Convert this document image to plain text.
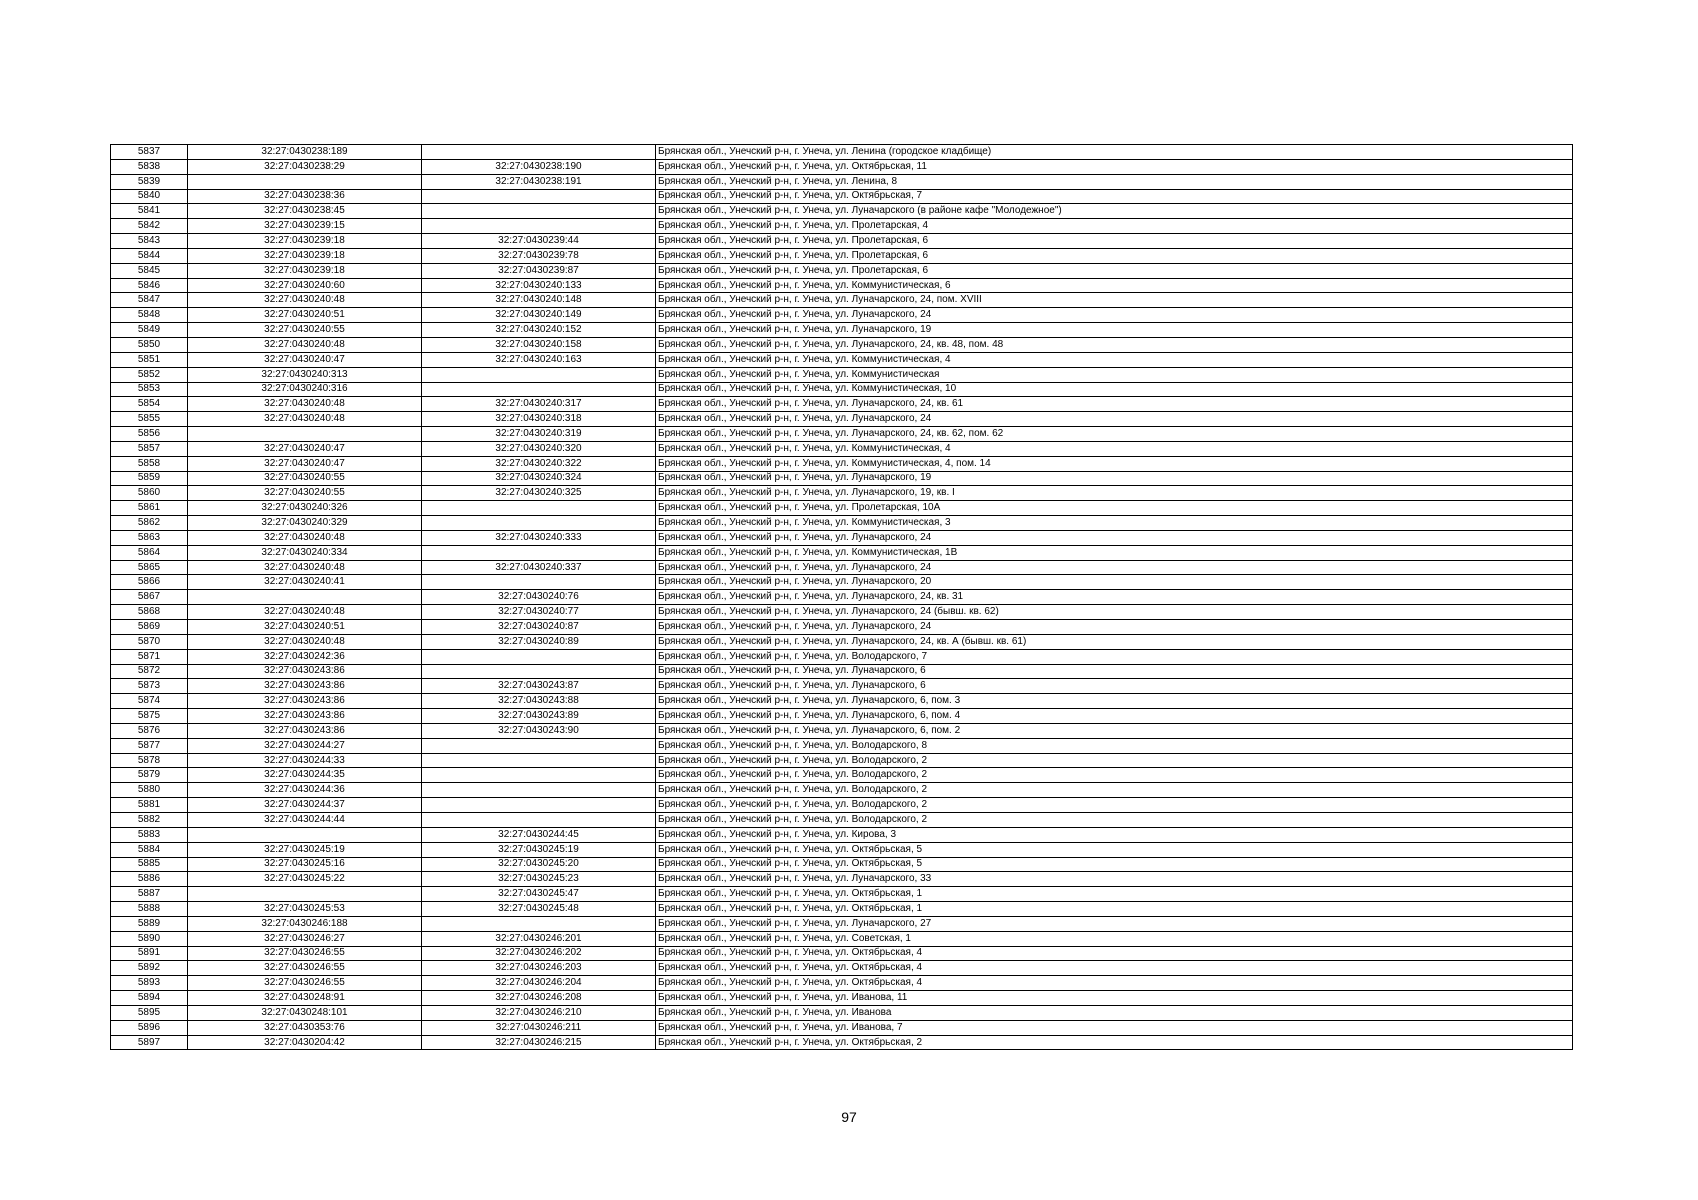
5837	32:27:0430238:189		Брянская обл., Унечский р-н, г. Унеча, ул. Ленина (городское кладбище)
5838	32:27:0430238:29	32:27:0430238:190	Брянская обл., Унечский р-н, г. Унеча, ул. Октябрьская, 11
5839		32:27:0430238:191	Брянская обл., Унечский р-н, г. Унеча, ул. Ленина, 8
5840	32:27:0430238:36		Брянская обл., Унечский р-н, г. Унеча, ул. Октябрьская, 7
5841	32:27:0430238:45		Брянская обл., Унечский р-н, г. Унеча, ул. Луначарского (в районе кафе "Молодежное")
5842	32:27:0430239:15		Брянская обл., Унечский р-н, г. Унеча, ул. Пролетарская, 4
5843	32:27:0430239:18	32:27:0430239:44	Брянская обл., Унечский р-н, г. Унеча, ул. Пролетарская, 6
5844	32:27:0430239:18	32:27:0430239:78	Брянская обл., Унечский р-н, г. Унеча, ул. Пролетарская, 6
5845	32:27:0430239:18	32:27:0430239:87	Брянская обл., Унечский р-н, г. Унеча, ул. Пролетарская, 6
5846	32:27:0430240:60	32:27:0430240:133	Брянская обл., Унечский р-н, г. Унеча, ул. Коммунистическая, 6
5847	32:27:0430240:48	32:27:0430240:148	Брянская обл., Унечский р-н, г. Унеча, ул. Луначарского, 24, пом. XVIII
5848	32:27:0430240:51	32:27:0430240:149	Брянская обл., Унечский р-н, г. Унеча, ул. Луначарского, 24
5849	32:27:0430240:55	32:27:0430240:152	Брянская обл., Унечский р-н, г. Унеча, ул. Луначарского, 19
5850	32:27:0430240:48	32:27:0430240:158	Брянская обл., Унечский р-н, г. Унеча, ул. Луначарского, 24, кв. 48, пом. 48
5851	32:27:0430240:47	32:27:0430240:163	Брянская обл., Унечский р-н, г. Унеча, ул. Коммунистическая, 4
5852	32:27:0430240:313		Брянская обл., Унечский р-н, г. Унеча, ул. Коммунистическая
5853	32:27:0430240:316		Брянская обл., Унечский р-н, г. Унеча, ул. Коммунистическая, 10
5854	32:27:0430240:48	32:27:0430240:317	Брянская обл., Унечский р-н, г. Унеча, ул. Луначарского, 24, кв. 61
5855	32:27:0430240:48	32:27:0430240:318	Брянская обл., Унечский р-н, г. Унеча, ул. Луначарского, 24
5856		32:27:0430240:319	Брянская обл., Унечский р-н, г. Унеча, ул. Луначарского, 24, кв. 62, пом. 62
5857	32:27:0430240:47	32:27:0430240:320	Брянская обл., Унечский р-н, г. Унеча, ул. Коммунистическая, 4
5858	32:27:0430240:47	32:27:0430240:322	Брянская обл., Унечский р-н, г. Унеча, ул. Коммунистическая, 4, пом. 14
5859	32:27:0430240:55	32:27:0430240:324	Брянская обл., Унечский р-н, г. Унеча, ул. Луначарского, 19
5860	32:27:0430240:55	32:27:0430240:325	Брянская обл., Унечский р-н, г. Унеча, ул. Луначарского, 19, кв. I
5861	32:27:0430240:326		Брянская обл., Унечский р-н, г. Унеча, ул. Пролетарская, 10А
5862	32:27:0430240:329		Брянская обл., Унечский р-н, г. Унеча, ул. Коммунистическая, 3
5863	32:27:0430240:48	32:27:0430240:333	Брянская обл., Унечский р-н, г. Унеча, ул. Луначарского, 24
5864	32:27:0430240:334		Брянская обл., Унечский р-н, г. Унеча, ул. Коммунистическая, 1В
5865	32:27:0430240:48	32:27:0430240:337	Брянская обл., Унечский р-н, г. Унеча, ул. Луначарского, 24
5866	32:27:0430240:41		Брянская обл., Унечский р-н, г. Унеча, ул. Луначарского, 20
5867		32:27:0430240:76	Брянская обл., Унечский р-н, г. Унеча, ул. Луначарского, 24, кв. 31
5868	32:27:0430240:48	32:27:0430240:77	Брянская обл., Унечский р-н, г. Унеча, ул. Луначарского, 24 (бывш. кв. 62)
5869	32:27:0430240:51	32:27:0430240:87	Брянская обл., Унечский р-н, г. Унеча, ул. Луначарского, 24
5870	32:27:0430240:48	32:27:0430240:89	Брянская обл., Унечский р-н, г. Унеча, ул. Луначарского, 24, кв. А (бывш. кв. 61)
5871	32:27:0430242:36		Брянская обл., Унечский р-н, г. Унеча, ул. Володарского, 7
5872	32:27:0430243:86		Брянская обл., Унечский р-н, г. Унеча, ул. Луначарского, 6
5873	32:27:0430243:86	32:27:0430243:87	Брянская обл., Унечский р-н, г. Унеча, ул. Луначарского, 6
5874	32:27:0430243:86	32:27:0430243:88	Брянская обл., Унечский р-н, г. Унеча, ул. Луначарского, 6, пом. 3
5875	32:27:0430243:86	32:27:0430243:89	Брянская обл., Унечский р-н, г. Унеча, ул. Луначарского, 6, пом. 4
5876	32:27:0430243:86	32:27:0430243:90	Брянская обл., Унечский р-н, г. Унеча, ул. Луначарского, 6, пом. 2
5877	32:27:0430244:27		Брянская обл., Унечский р-н, г. Унеча, ул. Володарского, 8
5878	32:27:0430244:33		Брянская обл., Унечский р-н, г. Унеча, ул. Володарского, 2
5879	32:27:0430244:35		Брянская обл., Унечский р-н, г. Унеча, ул. Володарского, 2
5880	32:27:0430244:36		Брянская обл., Унечский р-н, г. Унеча, ул. Володарского, 2
5881	32:27:0430244:37		Брянская обл., Унечский р-н, г. Унеча, ул. Володарского, 2
5882	32:27:0430244:44		Брянская обл., Унечский р-н, г. Унеча, ул. Володарского, 2
5883		32:27:0430244:45	Брянская обл., Унечский р-н, г. Унеча, ул. Кирова, 3
5884	32:27:0430245:19	32:27:0430245:19	Брянская обл., Унечский р-н, г. Унеча, ул. Октябрьская, 5
5885	32:27:0430245:16	32:27:0430245:20	Брянская обл., Унечский р-н, г. Унеча, ул. Октябрьская, 5
5886	32:27:0430245:22	32:27:0430245:23	Брянская обл., Унечский р-н, г. Унеча, ул. Луначарского, 33
5887		32:27:0430245:47	Брянская обл., Унечский р-н, г. Унеча, ул. Октябрьская, 1
5888	32:27:0430245:53	32:27:0430245:48	Брянская обл., Унечский р-н, г. Унеча, ул. Октябрьская, 1
5889	32:27:0430246:188		Брянская обл., Унечский р-н, г. Унеча, ул. Луначарского, 27
5890	32:27:0430246:27	32:27:0430246:201	Брянская обл., Унечский р-н, г. Унеча, ул. Советская, 1
5891	32:27:0430246:55	32:27:0430246:202	Брянская обл., Унечский р-н, г. Унеча, ул. Октябрьская, 4
5892	32:27:0430246:55	32:27:0430246:203	Брянская обл., Унечский р-н, г. Унеча, ул. Октябрьская, 4
5893	32:27:0430246:55	32:27:0430246:204	Брянская обл., Унечский р-н, г. Унеча, ул. Октябрьская, 4
5894	32:27:0430248:91	32:27:0430246:208	Брянская обл., Унечский р-н, г. Унеча, ул. Иванова, 11
5895	32:27:0430248:101	32:27:0430246:210	Брянская обл., Унечский р-н, г. Унеча, ул. Иванова
5896	32:27:0430353:76	32:27:0430246:211	Брянская обл., Унечский р-н, г. Унеча, ул. Иванова, 7
5897	32:27:0430204:42	32:27:0430246:215	Брянская обл., Унечский р-н, г. Унеча, ул. Октябрьская, 2
97
